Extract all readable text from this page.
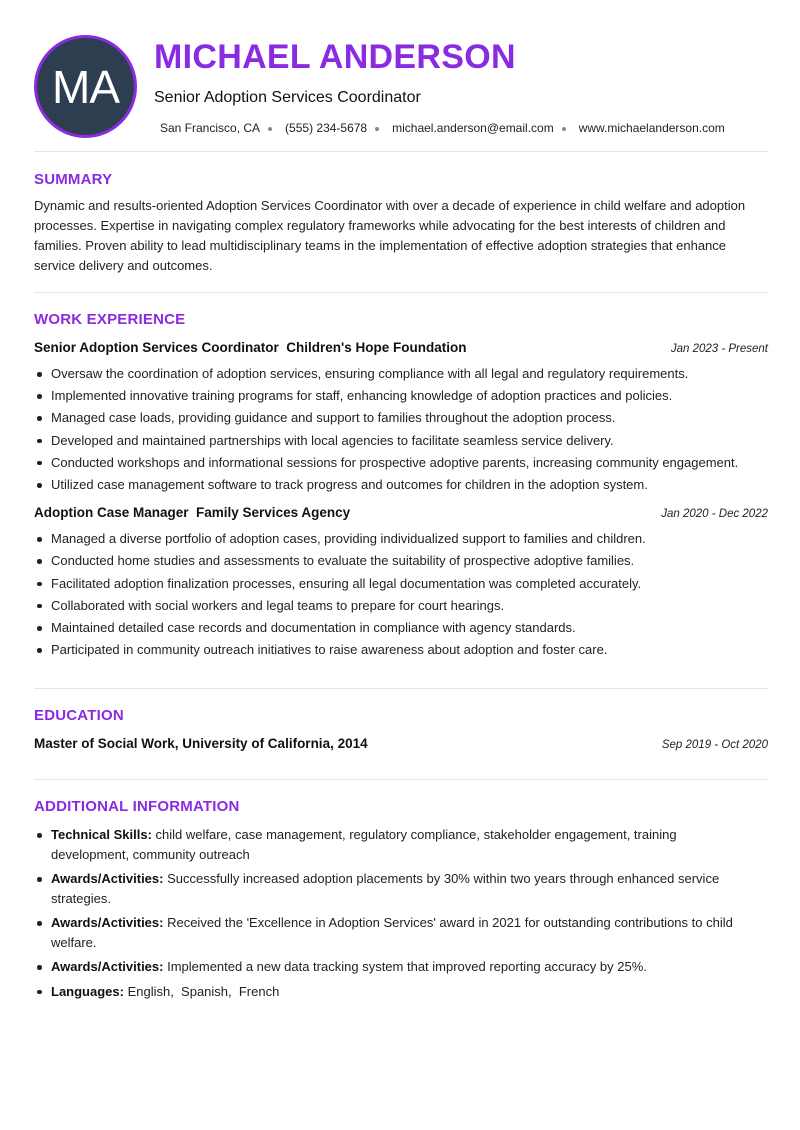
MA
MICHAEL ANDERSON
Senior Adoption Services Coordinator
San Francisco, CA (555) 234-5678 michael.anderson@email.com www.michaelanderson.com
SUMMARY

Dynamic and results-oriented Adoption Services Coordinator with over a decade of experience in child welfare and adoption processes. Expertise in navigating complex regulatory frameworks while advocating for the best interests of children and families. Proven ability to lead multidisciplinary teams in the implementation of effective adoption strategies that enhance service delivery and outcomes.

WORK EXPERIENCE
Senior Adoption Services Coordinator  Children's Hope Foundation	Jan 2023 - Present
Oversaw the coordination of adoption services, ensuring compliance with all legal and regulatory requirements.
Implemented innovative training programs for staff, enhancing knowledge of adoption practices and policies.
Managed case loads, providing guidance and support to families throughout the adoption process.
Developed and maintained partnerships with local agencies to facilitate seamless service delivery.
Conducted workshops and informational sessions for prospective adoptive parents, increasing community engagement.
Utilized case management software to track progress and outcomes for children in the adoption system.
Adoption Case Manager  Family Services Agency	Jan 2020 - Dec 2022
Managed a diverse portfolio of adoption cases, providing individualized support to families and children.
Conducted home studies and assessments to evaluate the suitability of prospective adoptive families.
Facilitated adoption finalization processes, ensuring all legal documentation was completed accurately.
Collaborated with social workers and legal teams to prepare for court hearings.
Maintained detailed case records and documentation in compliance with agency standards.
Participated in community outreach initiatives to raise awareness about adoption and foster care.
EDUCATION
Master of Social Work, University of California, 2014	Sep 2019 - Oct 2020
ADDITIONAL INFORMATION
Technical Skills: child welfare, case management, regulatory compliance, stakeholder engagement, training development, community outreach
Awards/Activities: Successfully increased adoption placements by 30% within two years through enhanced service strategies.
Awards/Activities: Received the 'Excellence in Adoption Services' award in 2021 for outstanding contributions to child welfare.
Awards/Activities: Implemented a new data tracking system that improved reporting accuracy by 25%.
Languages: English,  Spanish,  French
